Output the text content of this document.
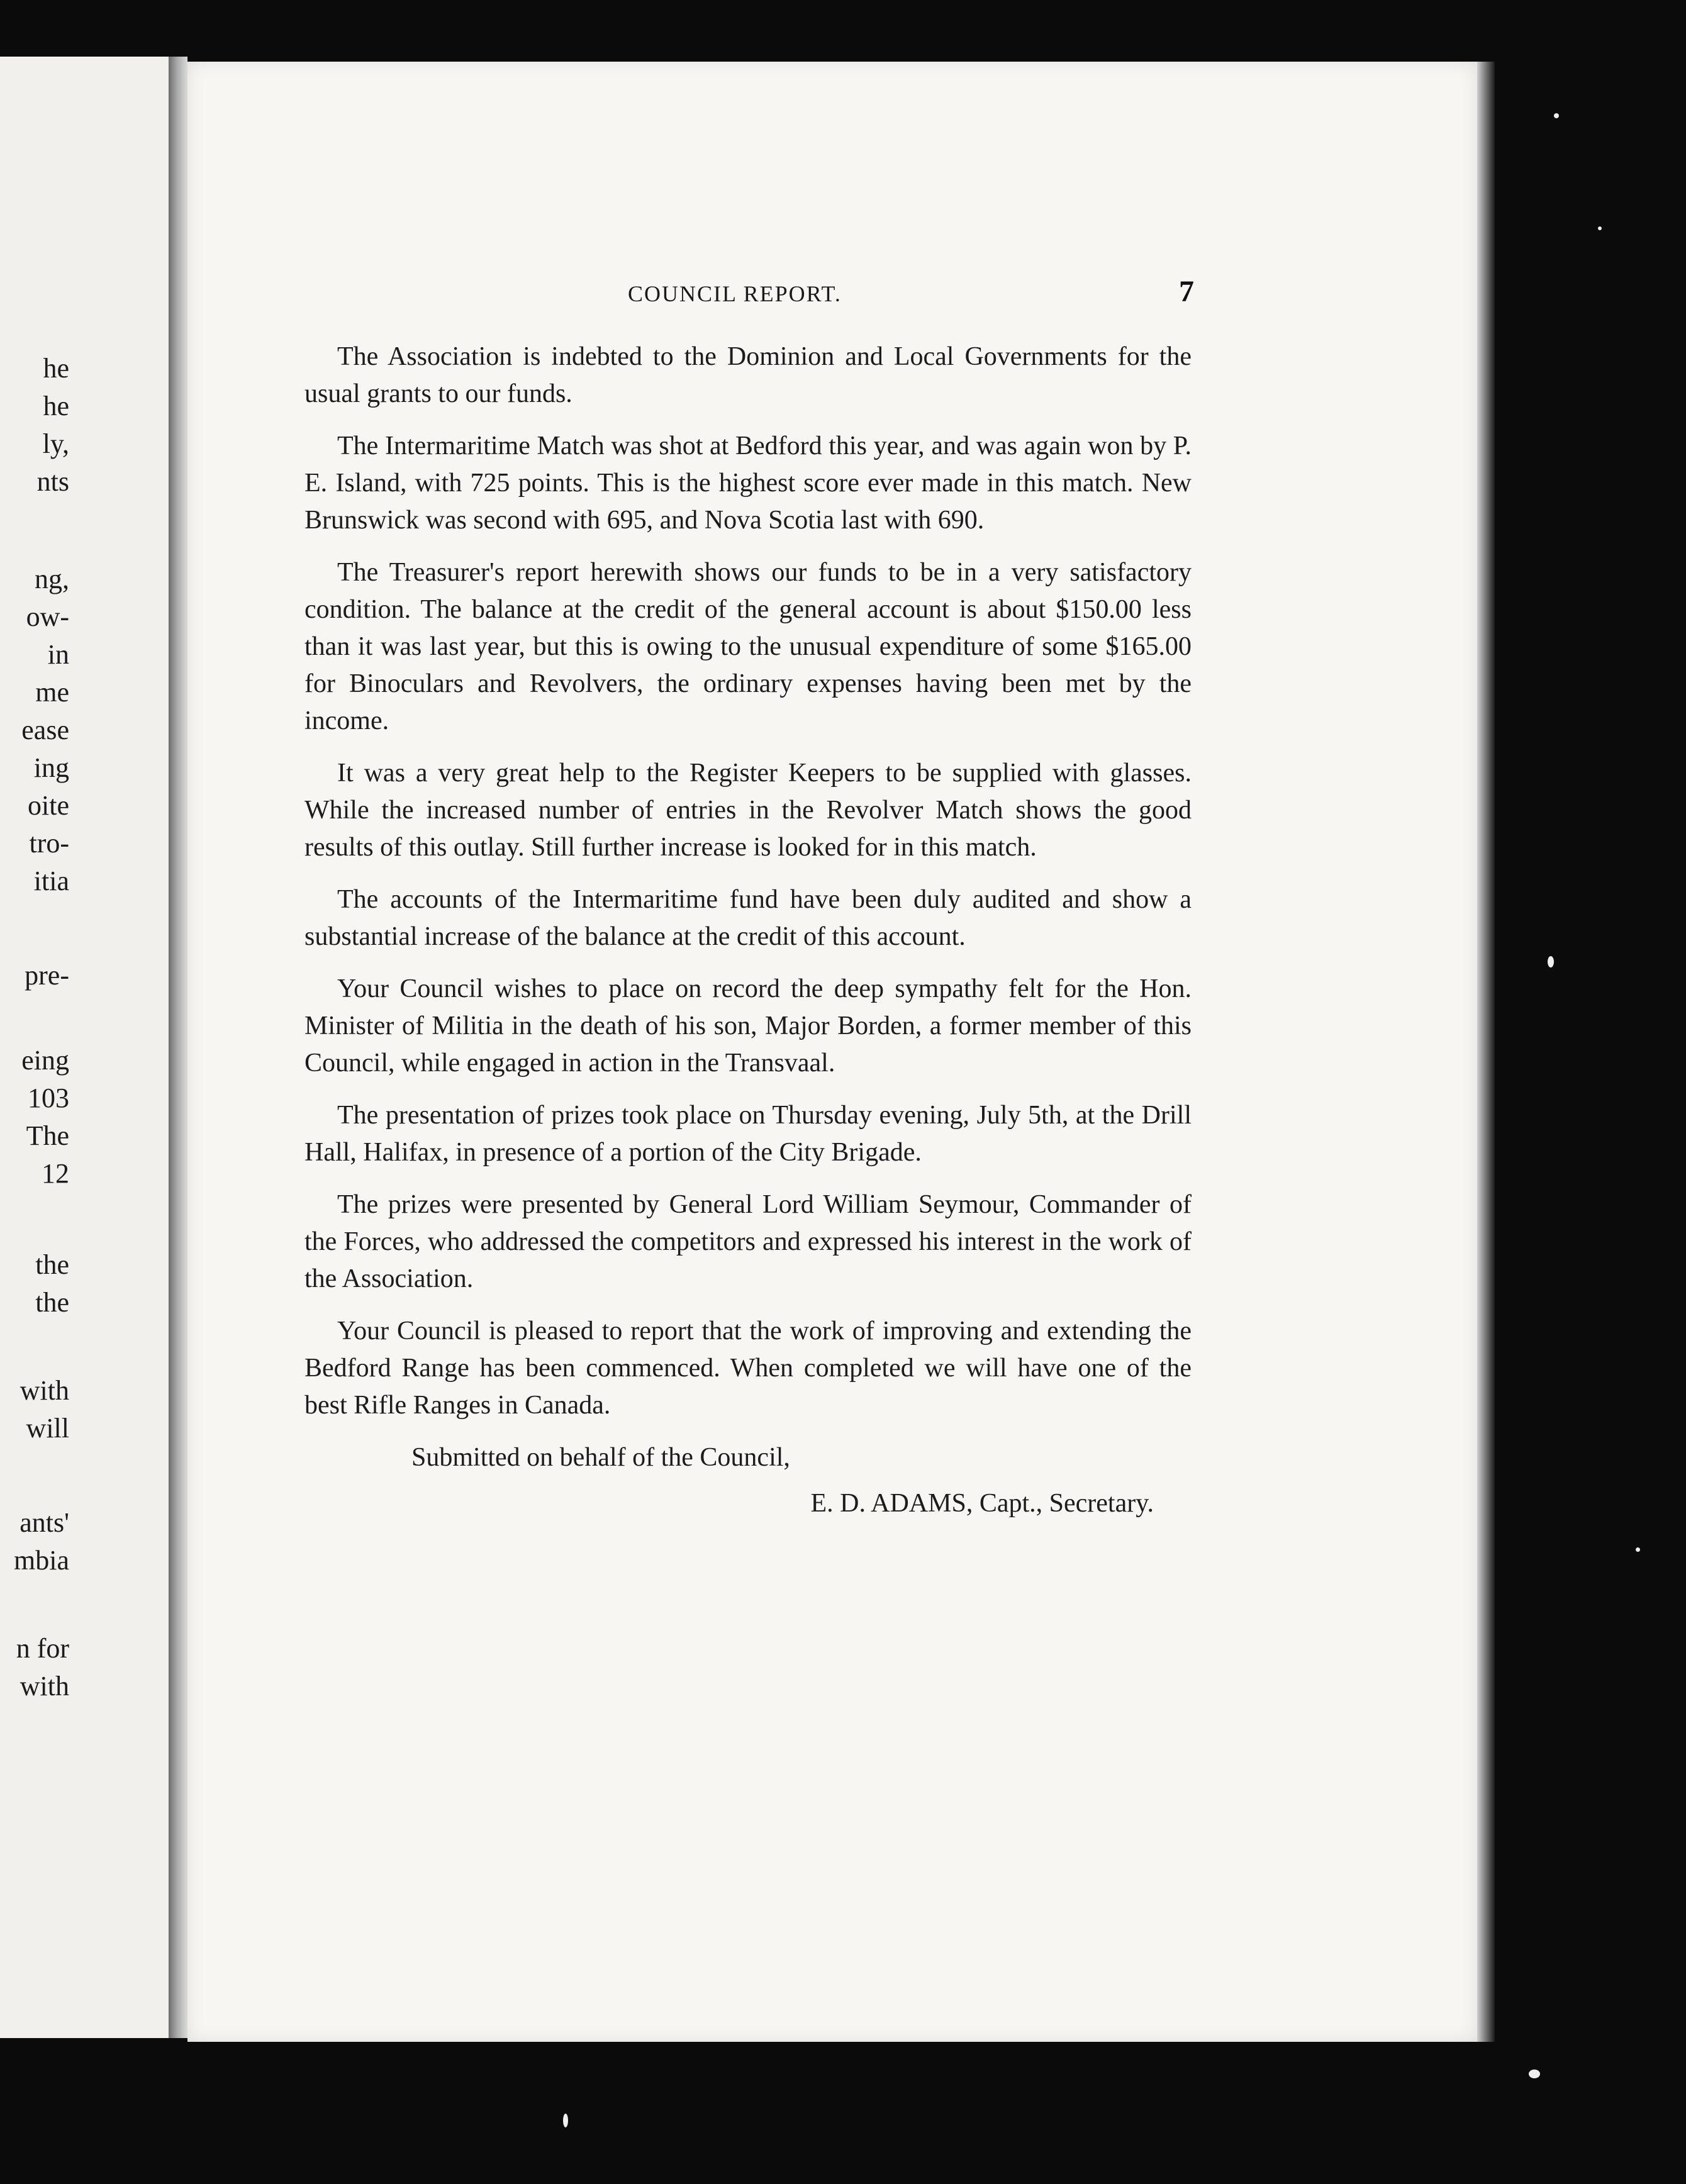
he
he
ly,
nts
ng,
ow-
in
me
ease
ing
oite
tro-
itia
pre-
eing
103
The
12
the
the
with
will
ants'
mbia
n for
with
COUNCIL REPORT.	7

The Association is indebted to the Dominion and Local Governments for the usual grants to our funds.

The Intermaritime Match was shot at Bedford this year, and was again won by P. E. Island, with 725 points. This is the highest score ever made in this match. New Brunswick was second with 695, and Nova Scotia last with 690.

The Treasurer's report herewith shows our funds to be in a very satisfactory condition. The balance at the credit of the general account is about $150.00 less than it was last year, but this is owing to the unusual expenditure of some $165.00 for Binoculars and Revolvers, the ordinary expenses having been met by the income.

It was a very great help to the Register Keepers to be supplied with glasses. While the increased number of entries in the Revolver Match shows the good results of this outlay. Still further increase is looked for in this match.

The accounts of the Intermaritime fund have been duly audited and show a substantial increase of the balance at the credit of this account.

Your Council wishes to place on record the deep sympathy felt for the Hon. Minister of Militia in the death of his son, Major Borden, a former member of this Council, while engaged in action in the Transvaal.

The presentation of prizes took place on Thursday evening, July 5th, at the Drill Hall, Halifax, in presence of a portion of the City Brigade.

The prizes were presented by General Lord William Seymour, Commander of the Forces, who addressed the competitors and expressed his interest in the work of the Association.

Your Council is pleased to report that the work of improving and extending the Bedford Range has been commenced. When completed we will have one of the best Rifle Ranges in Canada.

Submitted on behalf of the Council,

E. D. ADAMS, Capt., Secretary.
